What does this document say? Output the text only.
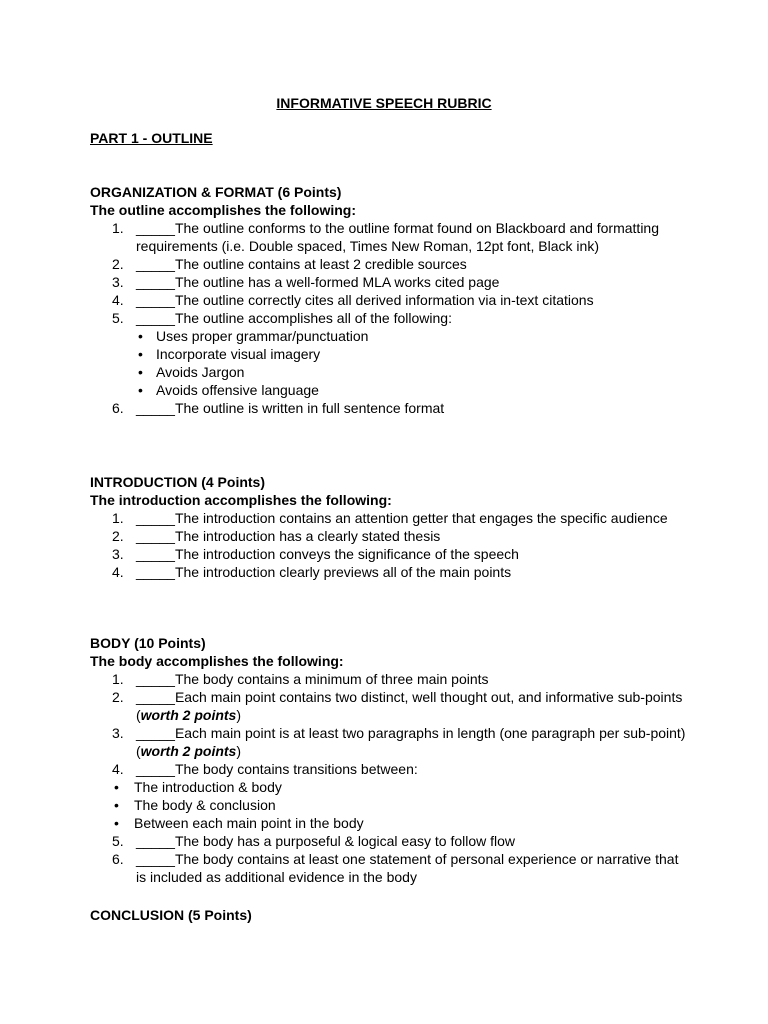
INFORMATIVE SPEECH RUBRIC

PART 1 - OUTLINE

ORGANIZATION & FORMAT (6 Points)

The outline accomplishes the following:

1. _____The outline conforms to the outline format found on Blackboard and formatting requirements (i.e. Double spaced, Times New Roman, 12pt font, Black ink)
2. _____The outline contains at least 2 credible sources
3. _____The outline has a well-formed MLA works cited page
4. _____The outline correctly cites all derived information via in-text citations
5. _____The outline accomplishes all of the following:
• Uses proper grammar/punctuation
• Incorporate visual imagery
• Avoids Jargon
• Avoids offensive language
6. _____The outline is written in full sentence format

INTRODUCTION (4 Points)

The introduction accomplishes the following:

1. _____The introduction contains an attention getter that engages the specific audience
2. _____The introduction has a clearly stated thesis
3. _____The introduction conveys the significance of the speech
4. _____The introduction clearly previews all of the main points

BODY (10 Points)

The body accomplishes the following:

1. _____The body contains a minimum of three main points
2. _____Each main point contains two distinct, well thought out, and informative sub-points (worth 2 points)
3. _____Each main point is at least two paragraphs in length (one paragraph per sub-point) (worth 2 points)
4. _____The body contains transitions between:
• The introduction & body
• The body & conclusion
• Between each main point in the body
5. _____The body has a purposeful & logical easy to follow flow
6. _____The body contains at least one statement of personal experience or narrative that is included as additional evidence in the body

CONCLUSION (5 Points)
